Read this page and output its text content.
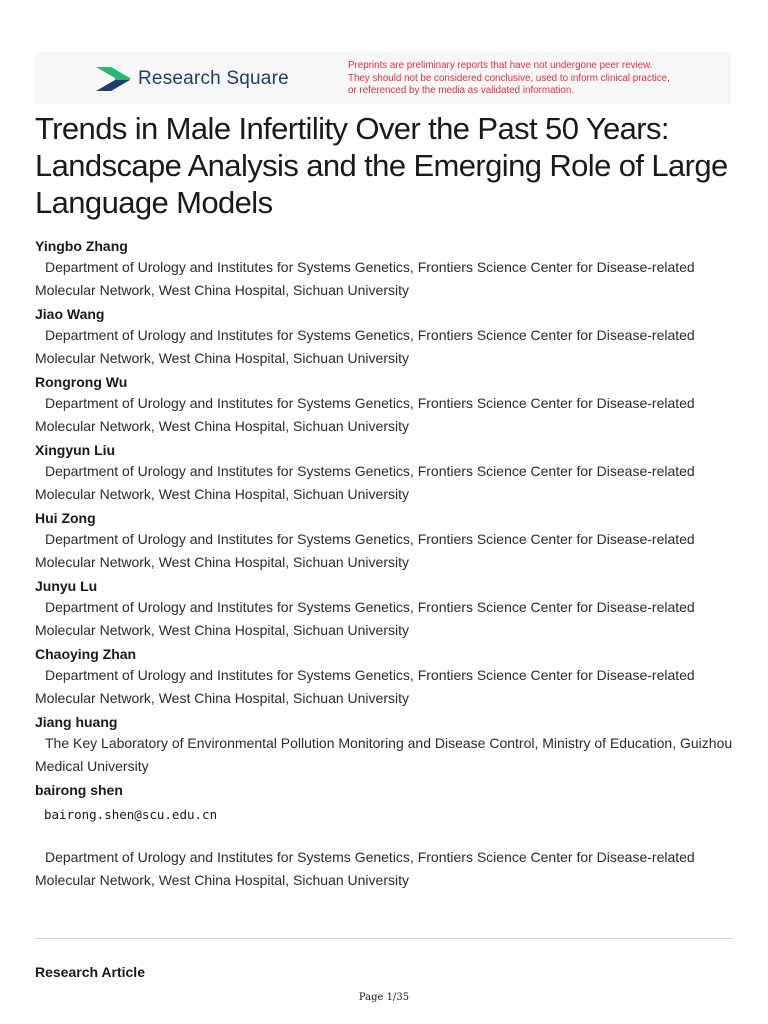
Research Square
Preprints are preliminary reports that have not undergone peer review.
They should not be considered conclusive, used to inform clinical practice,
or referenced by the media as validated information.
Trends in Male Infertility Over the Past 50 Years: Landscape Analysis and the Emerging Role of Large Language Models
Yingbo Zhang
Department of Urology and Institutes for Systems Genetics, Frontiers Science Center for Disease-related Molecular Network, West China Hospital, Sichuan University
Jiao Wang
Department of Urology and Institutes for Systems Genetics, Frontiers Science Center for Disease-related Molecular Network, West China Hospital, Sichuan University
Rongrong Wu
Department of Urology and Institutes for Systems Genetics, Frontiers Science Center for Disease-related Molecular Network, West China Hospital, Sichuan University
Xingyun Liu
Department of Urology and Institutes for Systems Genetics, Frontiers Science Center for Disease-related Molecular Network, West China Hospital, Sichuan University
Hui Zong
Department of Urology and Institutes for Systems Genetics, Frontiers Science Center for Disease-related Molecular Network, West China Hospital, Sichuan University
Junyu Lu
Department of Urology and Institutes for Systems Genetics, Frontiers Science Center for Disease-related Molecular Network, West China Hospital, Sichuan University
Chaoying Zhan
Department of Urology and Institutes for Systems Genetics, Frontiers Science Center for Disease-related Molecular Network, West China Hospital, Sichuan University
Jiang huang
The Key Laboratory of Environmental Pollution Monitoring and Disease Control, Ministry of Education, Guizhou Medical University
bairong shen
bairong.shen@scu.edu.cn
Department of Urology and Institutes for Systems Genetics, Frontiers Science Center for Disease-related Molecular Network, West China Hospital, Sichuan University
Research Article
Page 1/35
